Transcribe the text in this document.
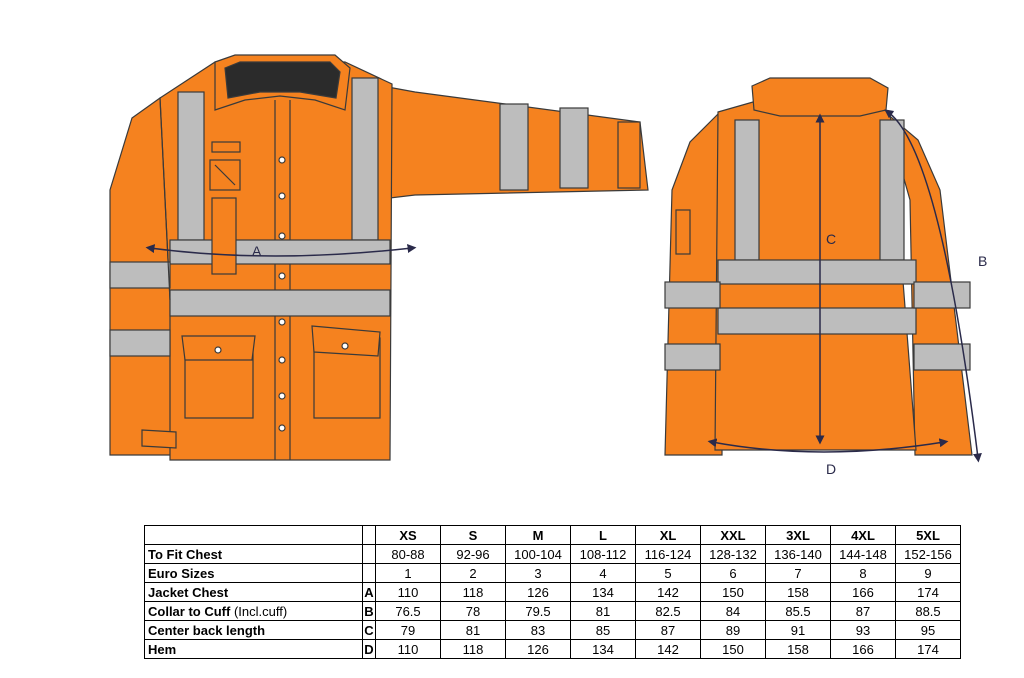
A
B
C
D
		XS	S	M	L	XL	XXL	3XL	4XL	5XL
To Fit Chest		80-88	92-96	100-104	108-112	116-124	128-132	136-140	144-148	152-156
Euro Sizes		1	2	3	4	5	6	7	8	9
Jacket Chest	A	110	118	126	134	142	150	158	166	174
Collar to Cuff (Incl.cuff)	B	76.5	78	79.5	81	82.5	84	85.5	87	88.5
Center back length	C	79	81	83	85	87	89	91	93	95
Hem	D	110	118	126	134	142	150	158	166	174
